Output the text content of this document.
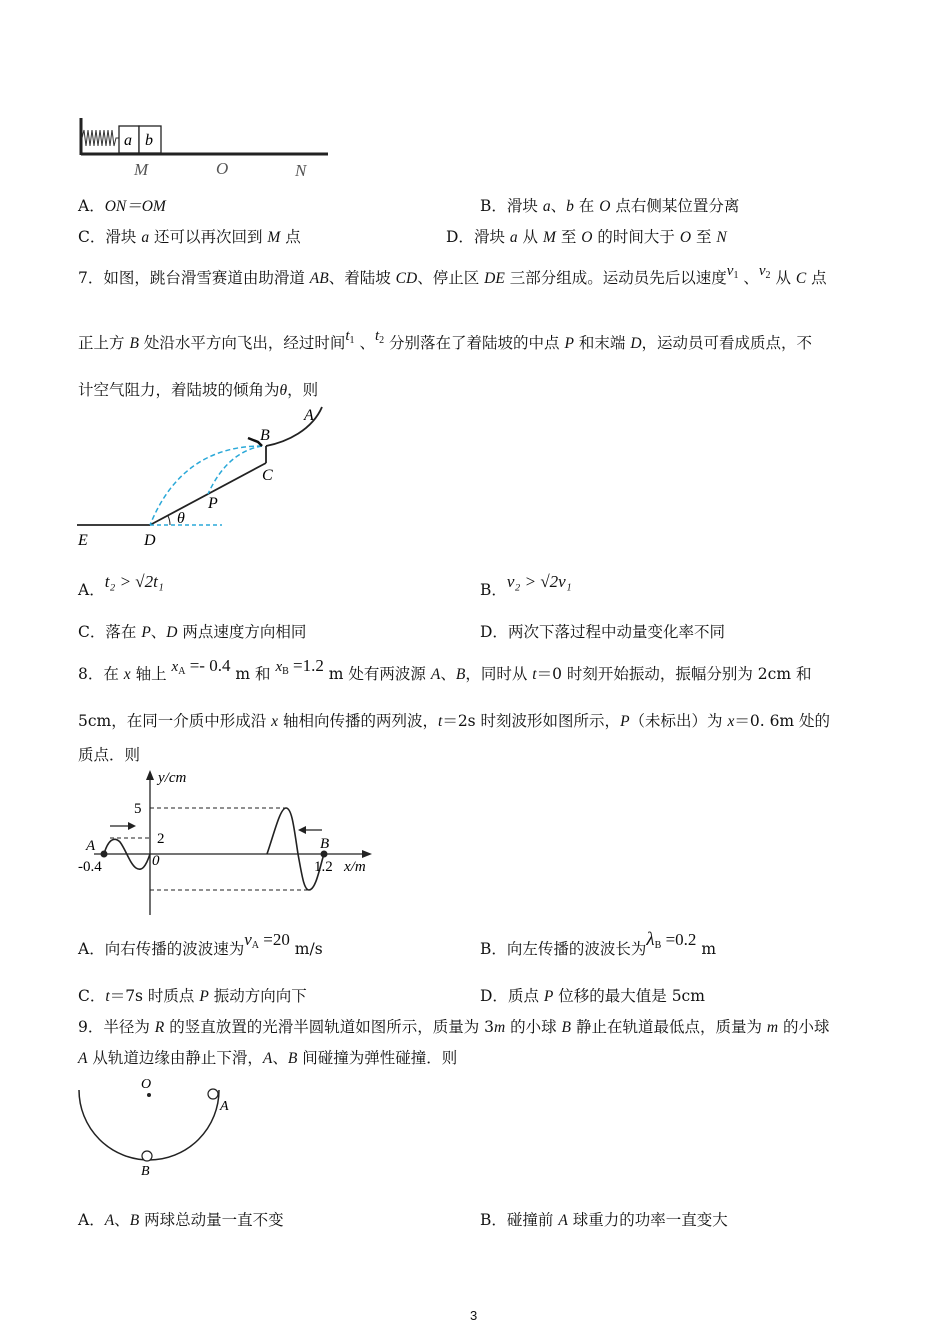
a b
M	O	N
A．ON＝OM	B．滑块 a、b 在 O 点右侧某位置分离
C．滑块 a 还可以再次回到 M 点	D．滑块 a 从 M 至 O 的时间大于 O 至 N
7．如图，跳台滑雪赛道由助滑道 AB、着陆坡 CD、停止区 DE 三部分组成。运动员先后以速度$v_1$ 、$v_2$ 从 C 点
正上方 B 处沿水平方向飞出，经过时间$t_1$ 、$t_2$ 分别落在了着陆坡的中点 P 和末端 D，运动员可看成质点，不
计空气阻力，着陆坡的倾角为θ，则
A
B
C
P
θ
E	D
A．t₂ > √2t₁	B．v₂ > √2v₁
C．落在 P、D 两点速度方向相同	D．两次下落过程中动量变化率不同
8．在 x 轴上 $x_A =- 0.4$ m 和 $x_B =1.2$ m 处有两波源 A、B，同时从 t＝0 时刻开始振动，振幅分别为 2cm 和
5cm，在同一介质中形成沿 x 轴相向传播的两列波，t＝2s 时刻波形如图所示，P（未标出）为 x＝0. 6m 处的
质点．则
y/cm
x/m
5
2
0
A	B
-0.4	1.2
A．向右传播的波波速为$v_A =20$ m/s	B．向左传播的波波长为$\lambda_B =0.2$ m
C．t＝7s 时质点 P 振动方向向下	D．质点 P 位移的最大值是 5cm
9．半径为 R 的竖直放置的光滑半圆轨道如图所示，质量为 3m 的小球 B 静止在轨道最低点，质量为 m 的小球
A 从轨道边缘由静止下滑，A、B 间碰撞为弹性碰撞．则
O
A
B
A．A、B 两球总动量一直不变	B．碰撞前 A 球重力的功率一直变大
3
